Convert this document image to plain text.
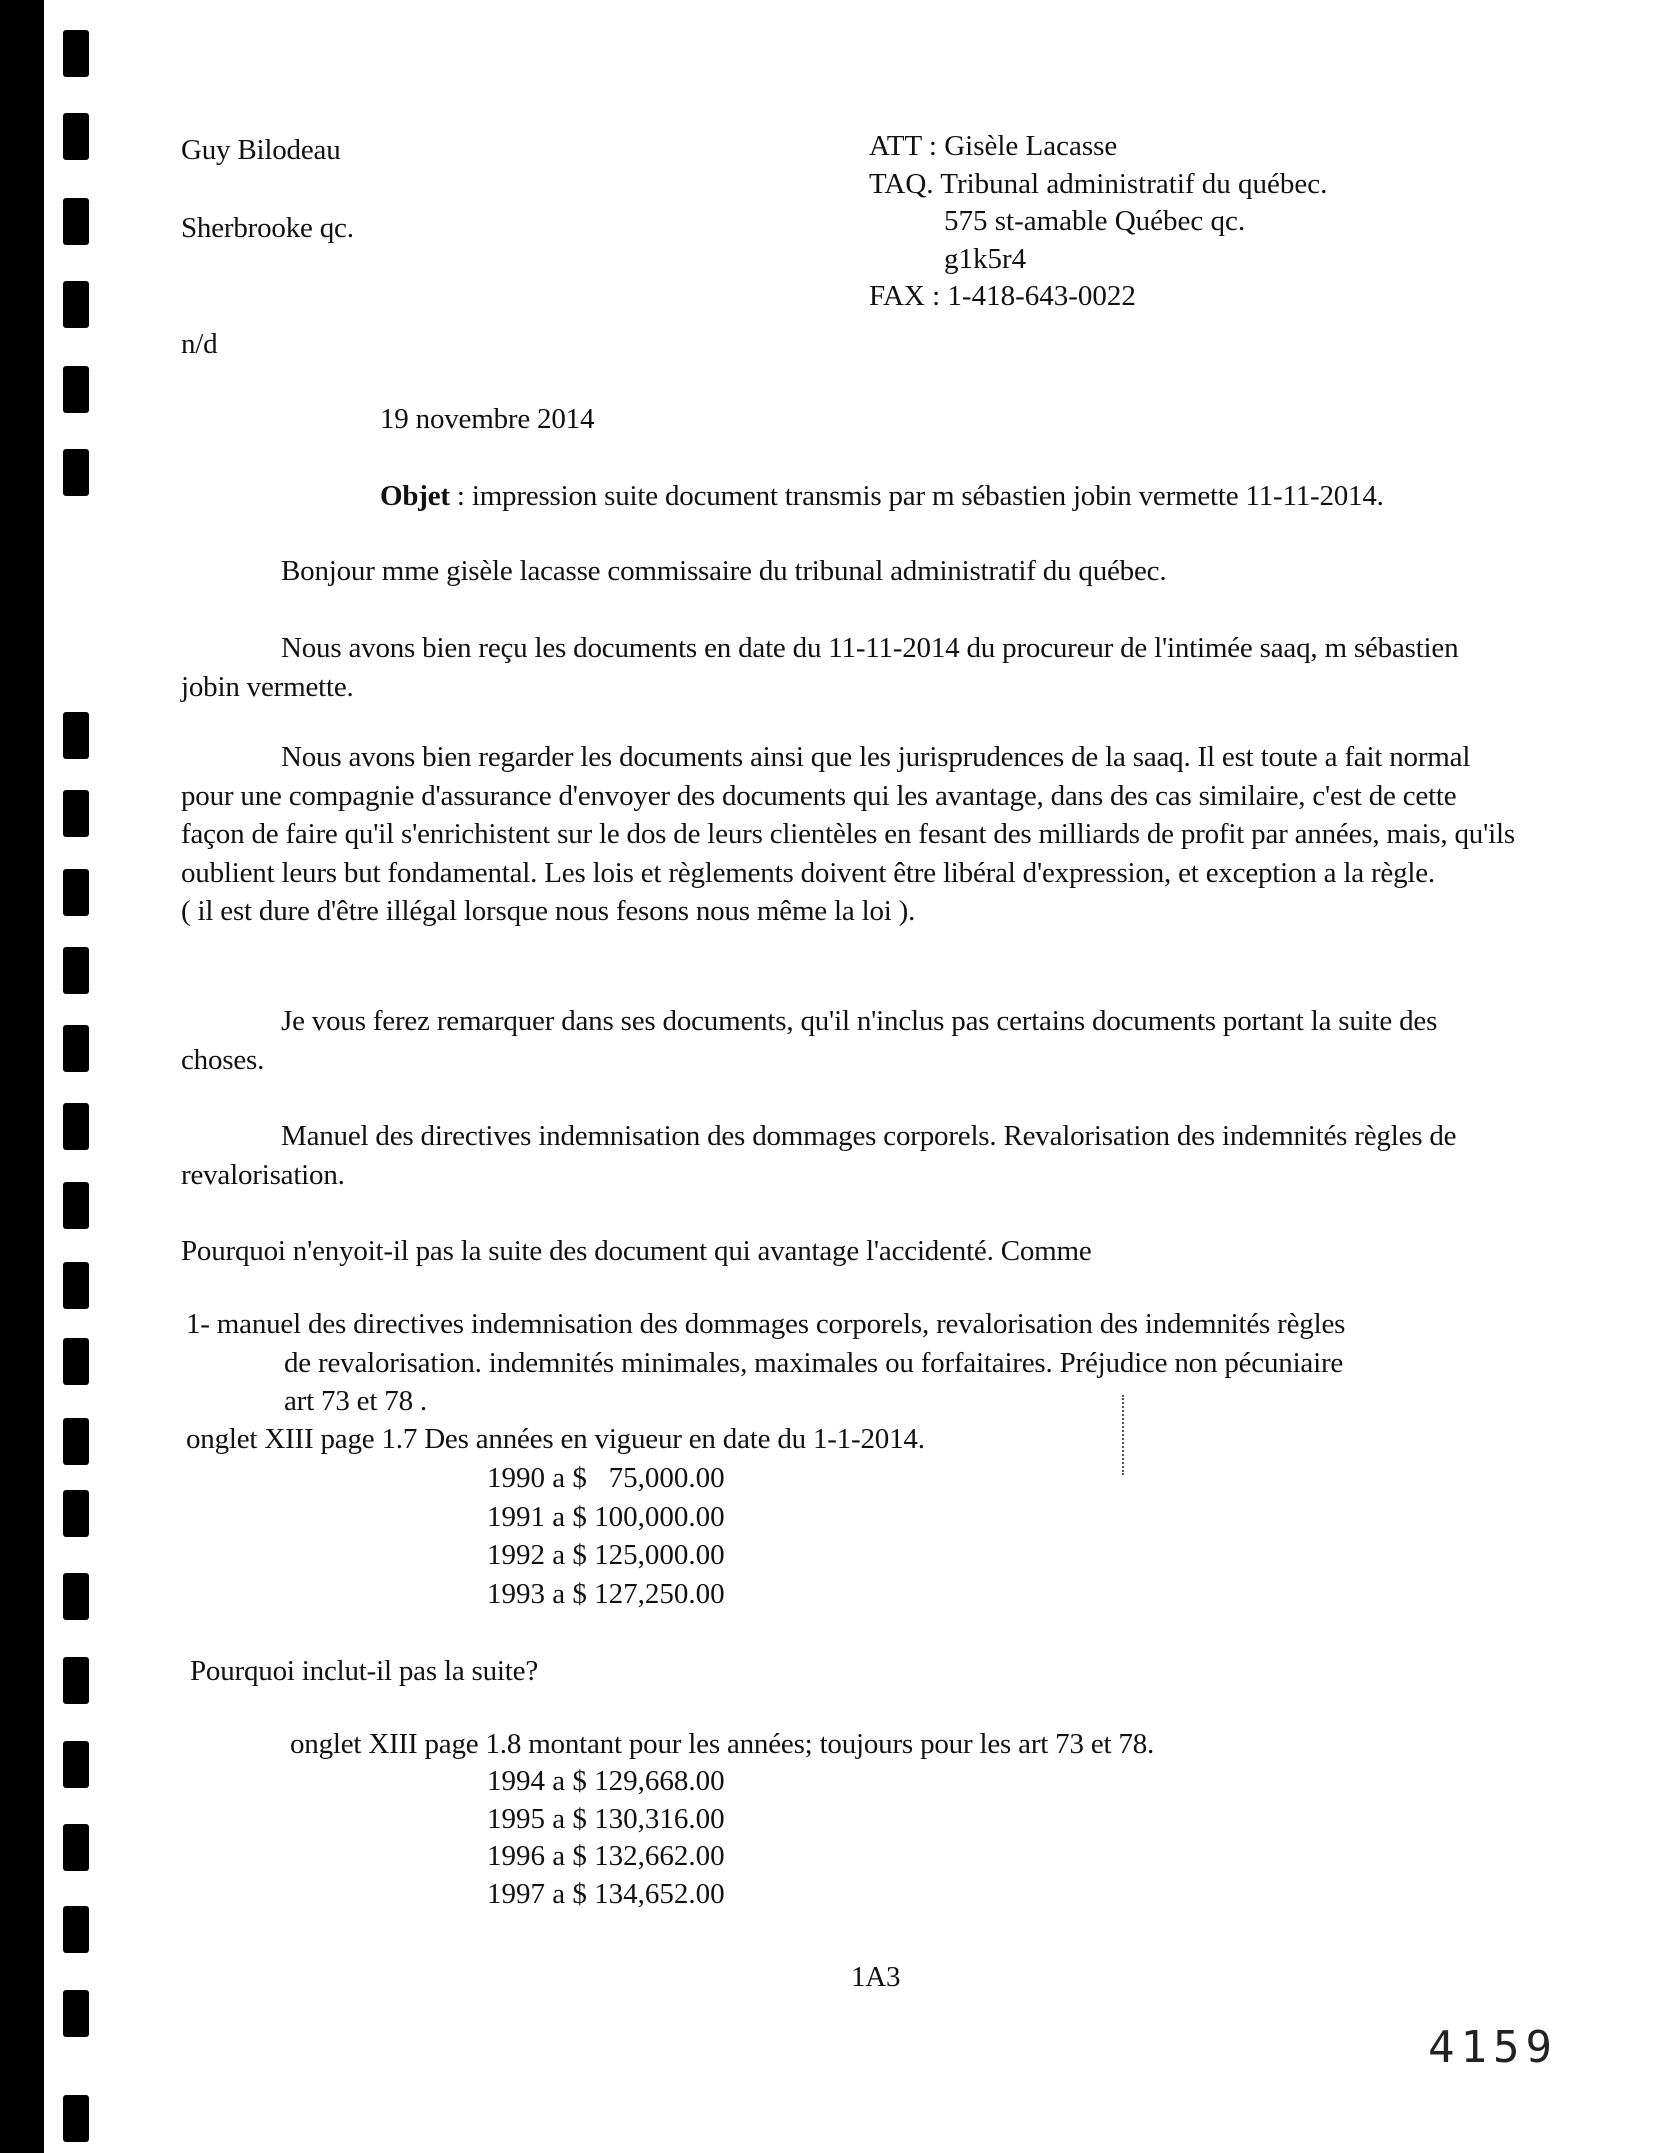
Guy Bilodeau
Sherbrooke qc.
n/d
ATT : Gisèle Lacasse
TAQ. Tribunal administratif du québec.
575 st-amable Québec qc.
g1k5r4
FAX : 1-418-643-0022
19 novembre 2014
Objet : impression suite document transmis par m sébastien jobin vermette 11-11-2014.
Bonjour mme gisèle lacasse commissaire du tribunal administratif du québec.
Nous avons bien reçu les documents en date du 11-11-2014 du procureur de l'intimée saaq, m sébastien jobin vermette.
Nous avons bien regarder les documents ainsi que les jurisprudences de la saaq. Il est toute a fait normal pour une compagnie d'assurance d'envoyer des documents qui les avantage, dans des cas similaire, c'est de cette façon de faire qu'il s'enrichistent sur le dos de leurs clientèles en fesant des milliards de profit par années, mais, qu'ils oublient leurs but fondamental. Les lois et règlements doivent être libéral d'expression, et exception a la règle.
( il est dure d'être illégal lorsque nous fesons nous même la loi ).
Je vous ferez remarquer dans ses documents, qu'il n'inclus pas certains documents portant la suite des choses.
Manuel des directives indemnisation des dommages corporels. Revalorisation des indemnités règles de revalorisation.
Pourquoi n'enyoit-il pas la suite des document qui avantage l'accidenté. Comme
1- manuel des directives indemnisation des dommages corporels, revalorisation des indemnités règles
de revalorisation. indemnités minimales, maximales ou forfaitaires. Préjudice non pécuniaire
art 73 et 78 .
onglet XIII page 1.7 Des années en vigueur en date du 1-1-2014.
1990 a $   75,000.00
1991 a $ 100,000.00
1992 a $ 125,000.00
1993 a $ 127,250.00
Pourquoi inclut-il pas la suite?
onglet XIII page 1.8 montant pour les années; toujours pour les art 73 et 78.
1994 a $ 129,668.00
1995 a $ 130,316.00
1996 a $ 132,662.00
1997 a $ 134,652.00
1A3
4159
